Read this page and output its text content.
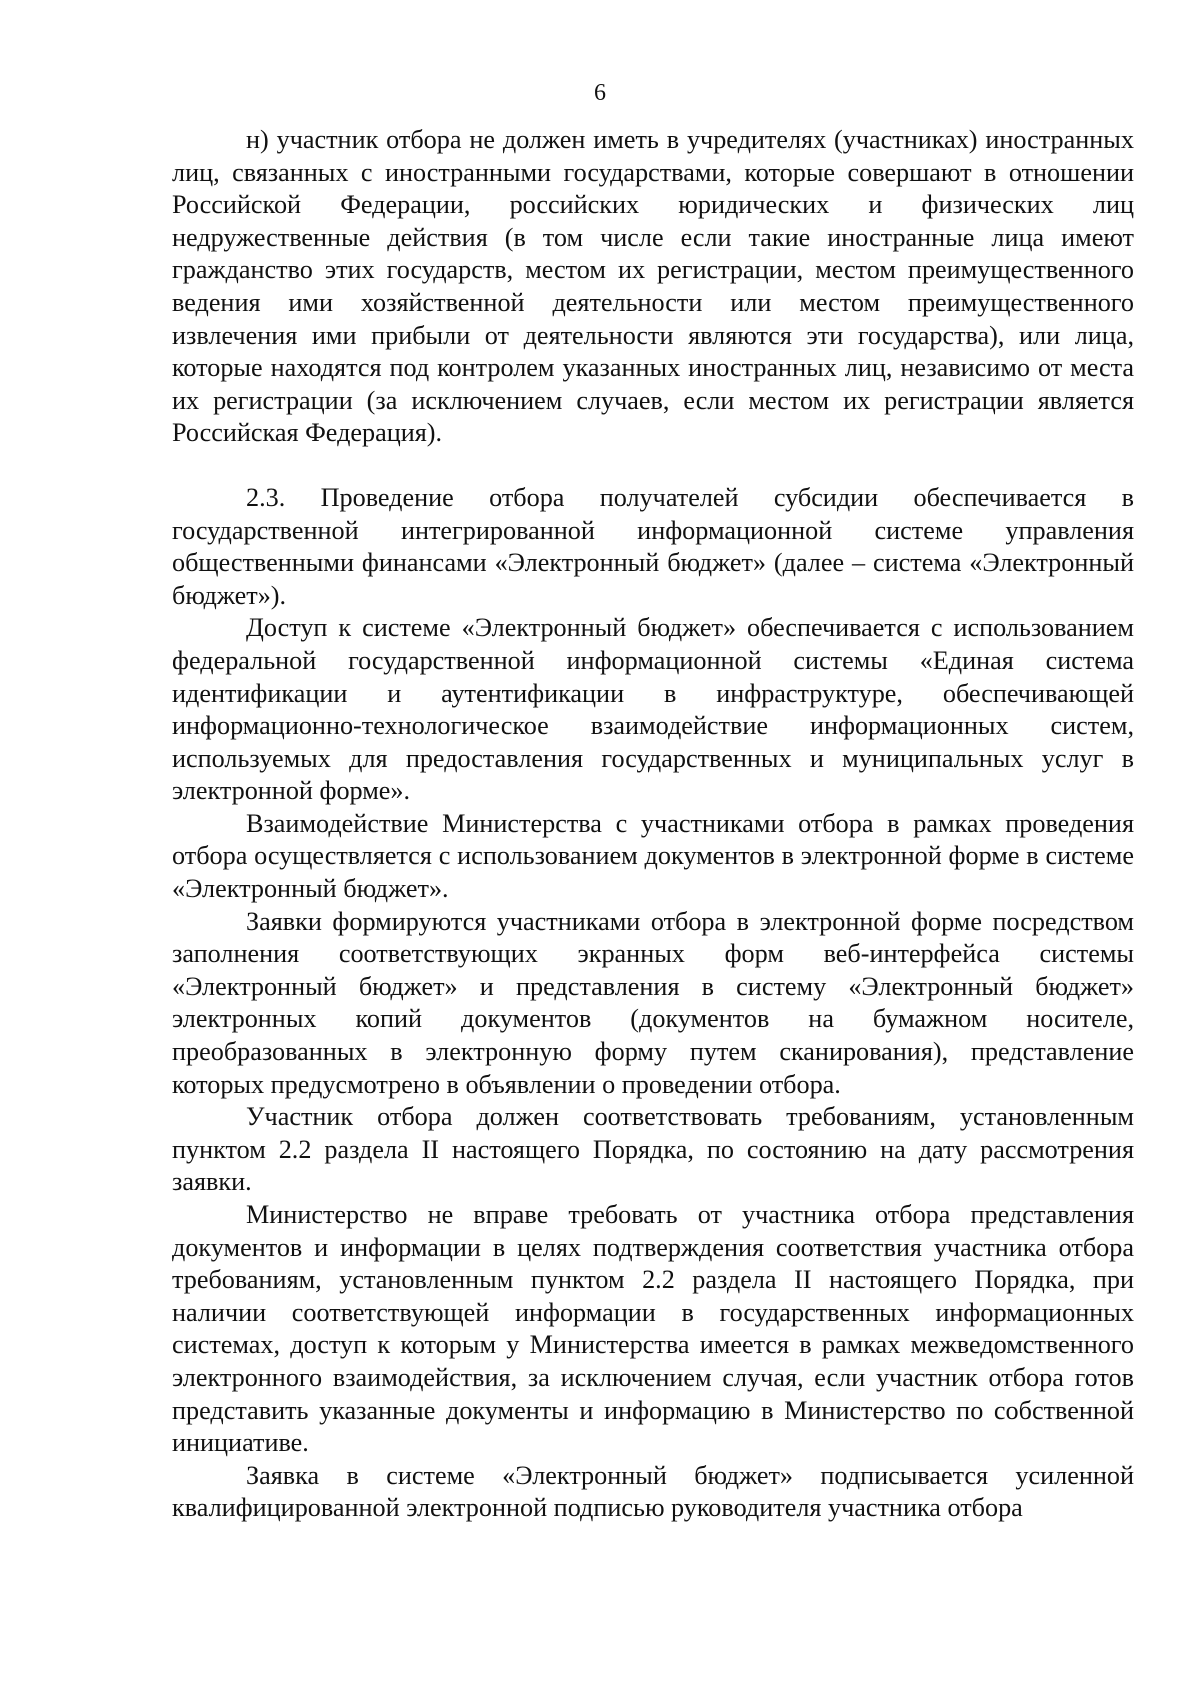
6

н) участник отбора не должен иметь в учредителях (участниках) иностранных лиц, связанных с иностранными государствами, которые совершают в отношении Российской Федерации, российских юридических и физических лиц недружественные действия (в том числе если такие иностранные лица имеют гражданство этих государств, местом их регистрации, местом преимущественного ведения ими хозяйственной деятельности или местом преимущественного извлечения ими прибыли от деятельности являются эти государства), или лица, которые находятся под контролем указанных иностранных лиц, независимо от места их регистрации (за исключением случаев, если местом их регистрации является Российская Федерация).

2.3. Проведение отбора получателей субсидии обеспечивается в государственной интегрированной информационной системе управления общественными финансами «Электронный бюджет» (далее – система «Электронный бюджет»).

Доступ к системе «Электронный бюджет» обеспечивается с использованием федеральной государственной информационной системы «Единая система идентификации и аутентификации в инфраструктуре, обеспечивающей информационно-технологическое взаимодействие информационных систем, используемых для предоставления государственных и муниципальных услуг в электронной форме».

Взаимодействие Министерства с участниками отбора в рамках проведения отбора осуществляется с использованием документов в электронной форме в системе «Электронный бюджет».

Заявки формируются участниками отбора в электронной форме посредством заполнения соответствующих экранных форм веб-интерфейса системы «Электронный бюджет» и представления в систему «Электронный бюджет» электронных копий документов (документов на бумажном носителе, преобразованных в электронную форму путем сканирования), представление которых предусмотрено в объявлении о проведении отбора.

Участник отбора должен соответствовать требованиям, установленным пунктом 2.2 раздела II настоящего Порядка, по состоянию на дату рассмотрения заявки.

Министерство не вправе требовать от участника отбора представления документов и информации в целях подтверждения соответствия участника отбора требованиям, установленным пунктом 2.2 раздела II настоящего Порядка, при наличии соответствующей информации в государственных информационных системах, доступ к которым у Министерства имеется в рамках межведомственного электронного взаимодействия, за исключением случая, если участник отбора готов представить указанные документы и информацию в Министерство по собственной инициативе.

Заявка в системе «Электронный бюджет» подписывается усиленной квалифицированной электронной подписью руководителя участника отбора
